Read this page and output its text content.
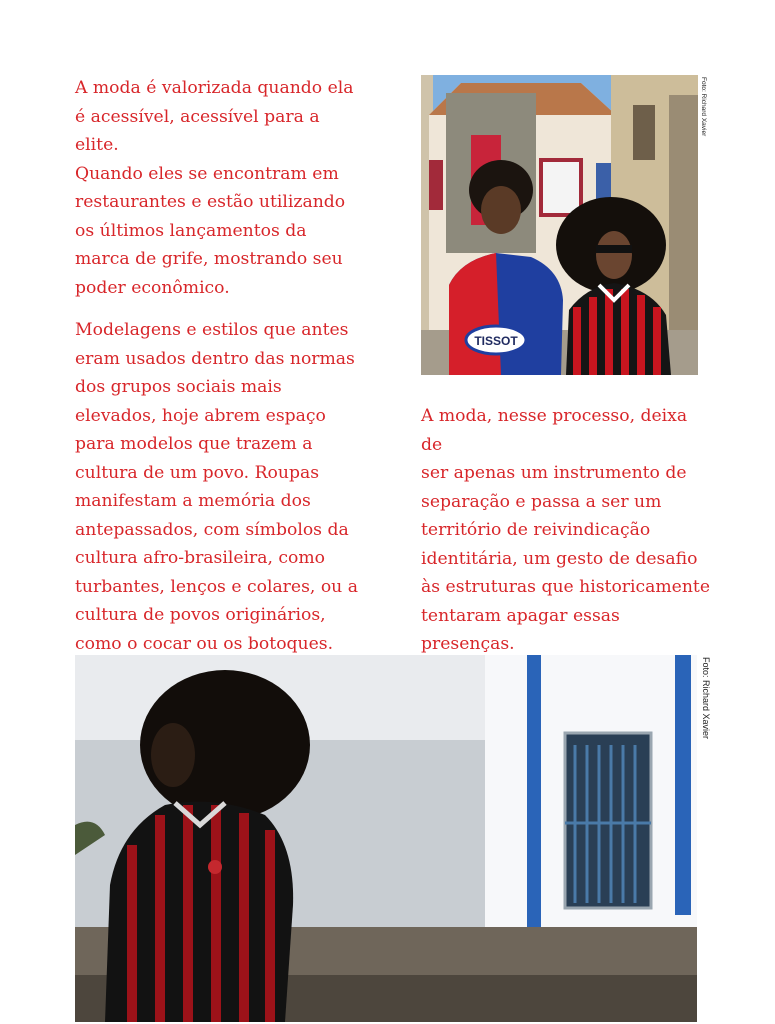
A moda é valorizada quando ela
é acessível, acessível para a elite.
Quando eles se encontram em
restaurantes e estão utilizando
os últimos lançamentos da
marca de grife, mostrando seu
poder econômico.

Modelagens e estilos que antes
eram usados dentro das normas
dos grupos sociais mais
elevados, hoje abrem espaço
para modelos que trazem a
cultura de um povo. Roupas
manifestam a memória dos
antepassados, com símbolos da
cultura afro-brasileira, como
turbantes, lenços e colares, ou a
cultura de povos originários,
como o cocar ou os botoques.

A moda, nesse processo, deixa de
ser apenas um instrumento de
separação e passa a ser um
território de reivindicação
identitária, um gesto de desafio
às estruturas que historicamente
tentaram apagar essas
presenças.

TISSOT
Foto: Richard Xavier
Foto: Richard Xavier
